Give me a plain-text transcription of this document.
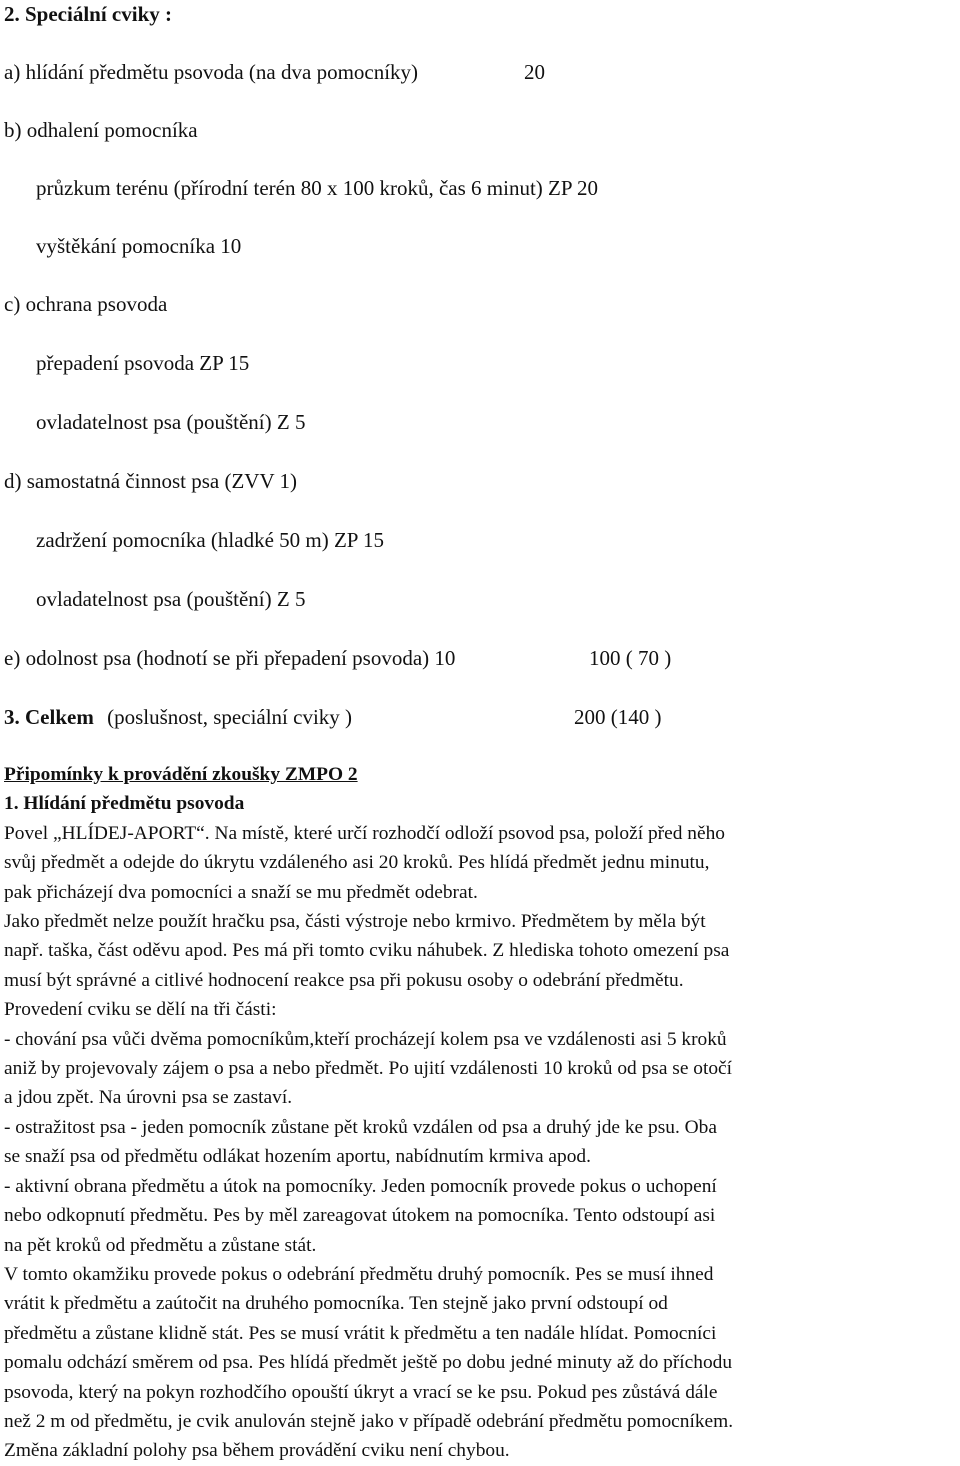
2. Speciální cviky :
a) hlídání předmětu psovoda (na dva pomocníky)	20
b) odhalení pomocníka
průzkum terénu (přírodní terén 80 x 100 kroků, čas 6 minut) ZP 20
vyštěkání pomocníka 10
c) ochrana psovoda
přepadení psovoda ZP 15
ovladatelnost psa (pouštění) Z 5
d) samostatná činnost psa (ZVV 1)
zadržení pomocníka (hladké 50 m) ZP 15
ovladatelnost psa (pouštění) Z 5
e) odolnost psa (hodnotí se při přepadení psovoda) 10	100 ( 70 )
3. Celkem (poslušnost, speciální cviky )	200 (140 )
Připomínky k provádění zkoušky ZMPO 2
1. Hlídání předmětu psovoda
Povel „HLÍDEJ-APORT“. Na místě, které určí rozhodčí odloží psovod psa, položí před něho
svůj předmět a odejde do úkrytu vzdáleného asi 20 kroků. Pes hlídá předmět jednu minutu,
pak přicházejí dva pomocníci a snaží se mu předmět odebrat.
Jako předmět nelze použít hračku psa, části výstroje nebo krmivo. Předmětem by měla být
např. taška, část oděvu apod. Pes má při tomto cviku náhubek. Z hlediska tohoto omezení psa
musí být správné a citlivé hodnocení reakce psa při pokusu osoby o odebrání předmětu.
Provedení cviku se dělí na tři části:
- chování psa vůči dvěma pomocníkům,kteří procházejí kolem psa ve vzdálenosti asi 5 kroků
aniž by projevovaly zájem o psa a nebo předmět. Po ujití vzdálenosti 10 kroků od psa se otočí
a jdou zpět. Na úrovni psa se zastaví.
- ostražitost psa - jeden pomocník zůstane pět kroků vzdálen od psa a druhý jde ke psu. Oba
se snaží psa od předmětu odlákat hozením aportu, nabídnutím krmiva apod.
- aktivní obrana předmětu a útok na pomocníky. Jeden pomocník provede pokus o uchopení
nebo odkopnutí předmětu. Pes by měl zareagovat útokem na pomocníka. Tento odstoupí asi
na pět kroků od předmětu a zůstane stát.
V tomto okamžiku provede pokus o odebrání předmětu druhý pomocník. Pes se musí ihned
vrátit k předmětu a zaútočit na druhého pomocníka. Ten stejně jako první odstoupí od
předmětu a zůstane klidně stát. Pes se musí vrátit k předmětu a ten nadále hlídat. Pomocníci
pomalu odchází směrem od psa. Pes hlídá předmět ještě po dobu jedné minuty až do příchodu
psovoda, který na pokyn rozhodčího opouští úkryt a vrací se ke psu. Pokud pes zůstává dále
než 2 m od předmětu, je cvik anulován stejně jako v případě odebrání předmětu pomocníkem.
Změna základní polohy psa během provádění cviku není chybou.
